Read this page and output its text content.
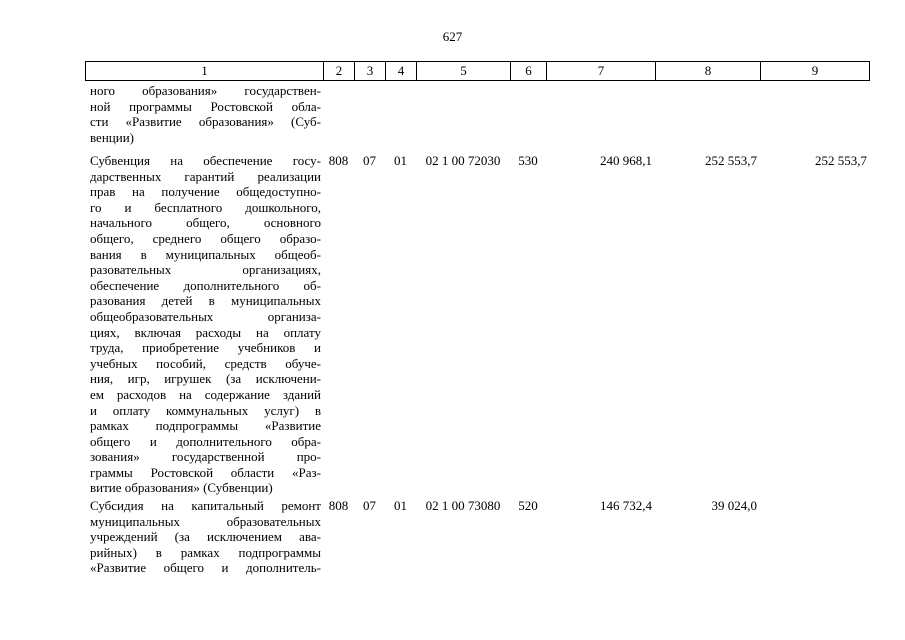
627
1	2	3	4	5	6	7	8	9
ного образования» государствен-
ной программы Ростовской обла-
сти «Развитие образования» (Суб-
венции)
Субвенция на обеспечение госу-
дарственных гарантий реализации
прав на получение общедоступно-
го и бесплатного дошкольного,
начального общего, основного
общего, среднего общего образо-
вания в муниципальных общеоб-
разовательных организациях,
обеспечение дополнительного об-
разования детей в муниципальных
общеобразовательных организа-
циях, включая расходы на оплату
труда, приобретение учебников и
учебных пособий, средств обуче-
ния, игр, игрушек (за исключени-
ем расходов на содержание зданий
и оплату коммунальных услуг) в
рамках подпрограммы «Развитие
общего и дополнительного обра-
зования» государственной про-
граммы Ростовской области «Раз-
витие образования» (Субвенции)
808	07	01	02 1 00 72030	530	240 968,1	252 553,7	252 553,7
Субсидия на капитальный ремонт
муниципальных образовательных
учреждений (за исключением ава-
рийных) в рамках подпрограммы
«Развитие общего и дополнитель-
808	07	01	02 1 00 73080	520	146 732,4	39 024,0
